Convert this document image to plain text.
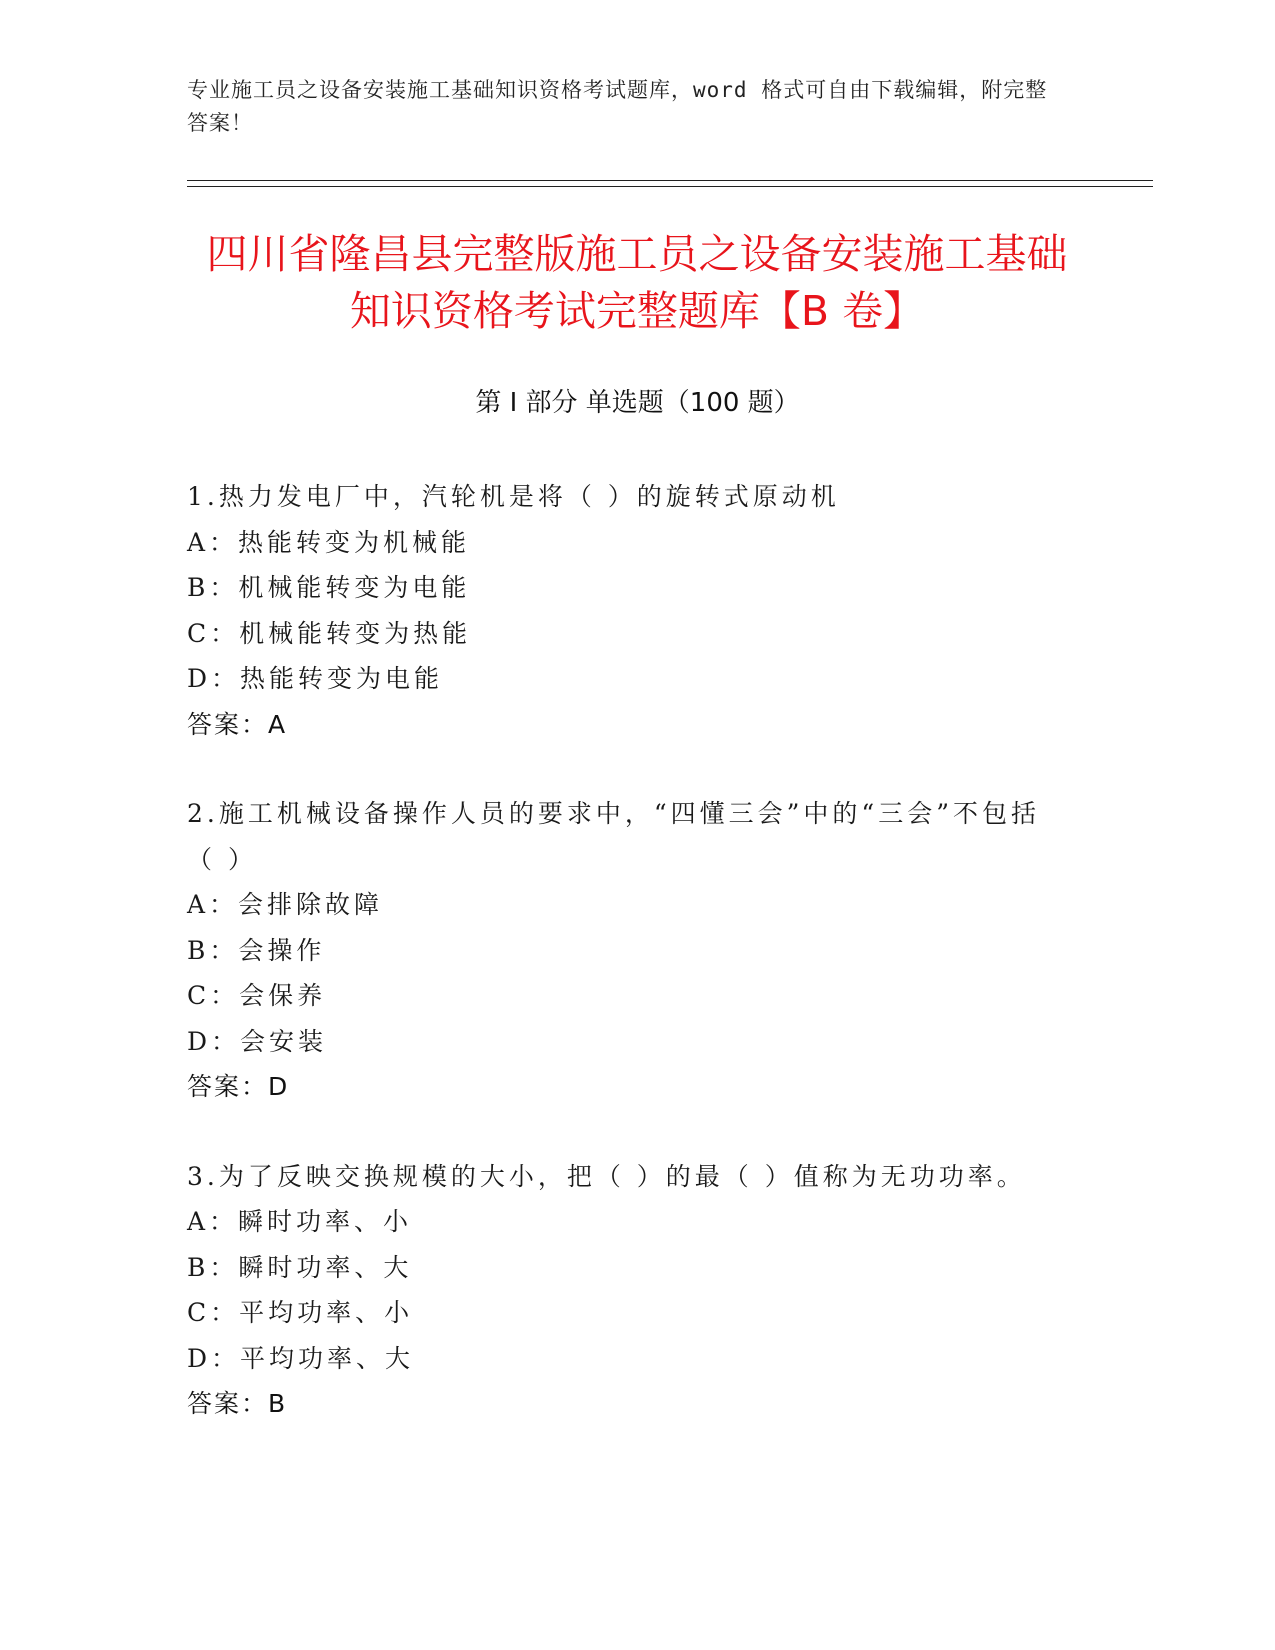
专业施工员之设备安装施工基础知识资格考试题库，word 格式可自由下载编辑，附完整答案！
四川省隆昌县完整版施工员之设备安装施工基础知识资格考试完整题库【B 卷】
第 I 部分 单选题（100 题）
1.热力发电厂中，汽轮机是将（ ）的旋转式原动机
A：热能转变为机械能
B：机械能转变为电能
C：机械能转变为热能
D：热能转变为电能
答案：A
2.施工机械设备操作人员的要求中，“四懂三会”中的“三会”不包括（ ）
A：会排除故障
B：会操作
C：会保养
D：会安装
答案：D
3.为了反映交换规模的大小，把（ ）的最（ ）值称为无功功率。
A：瞬时功率、小
B：瞬时功率、大
C：平均功率、小
D：平均功率、大
答案：B
